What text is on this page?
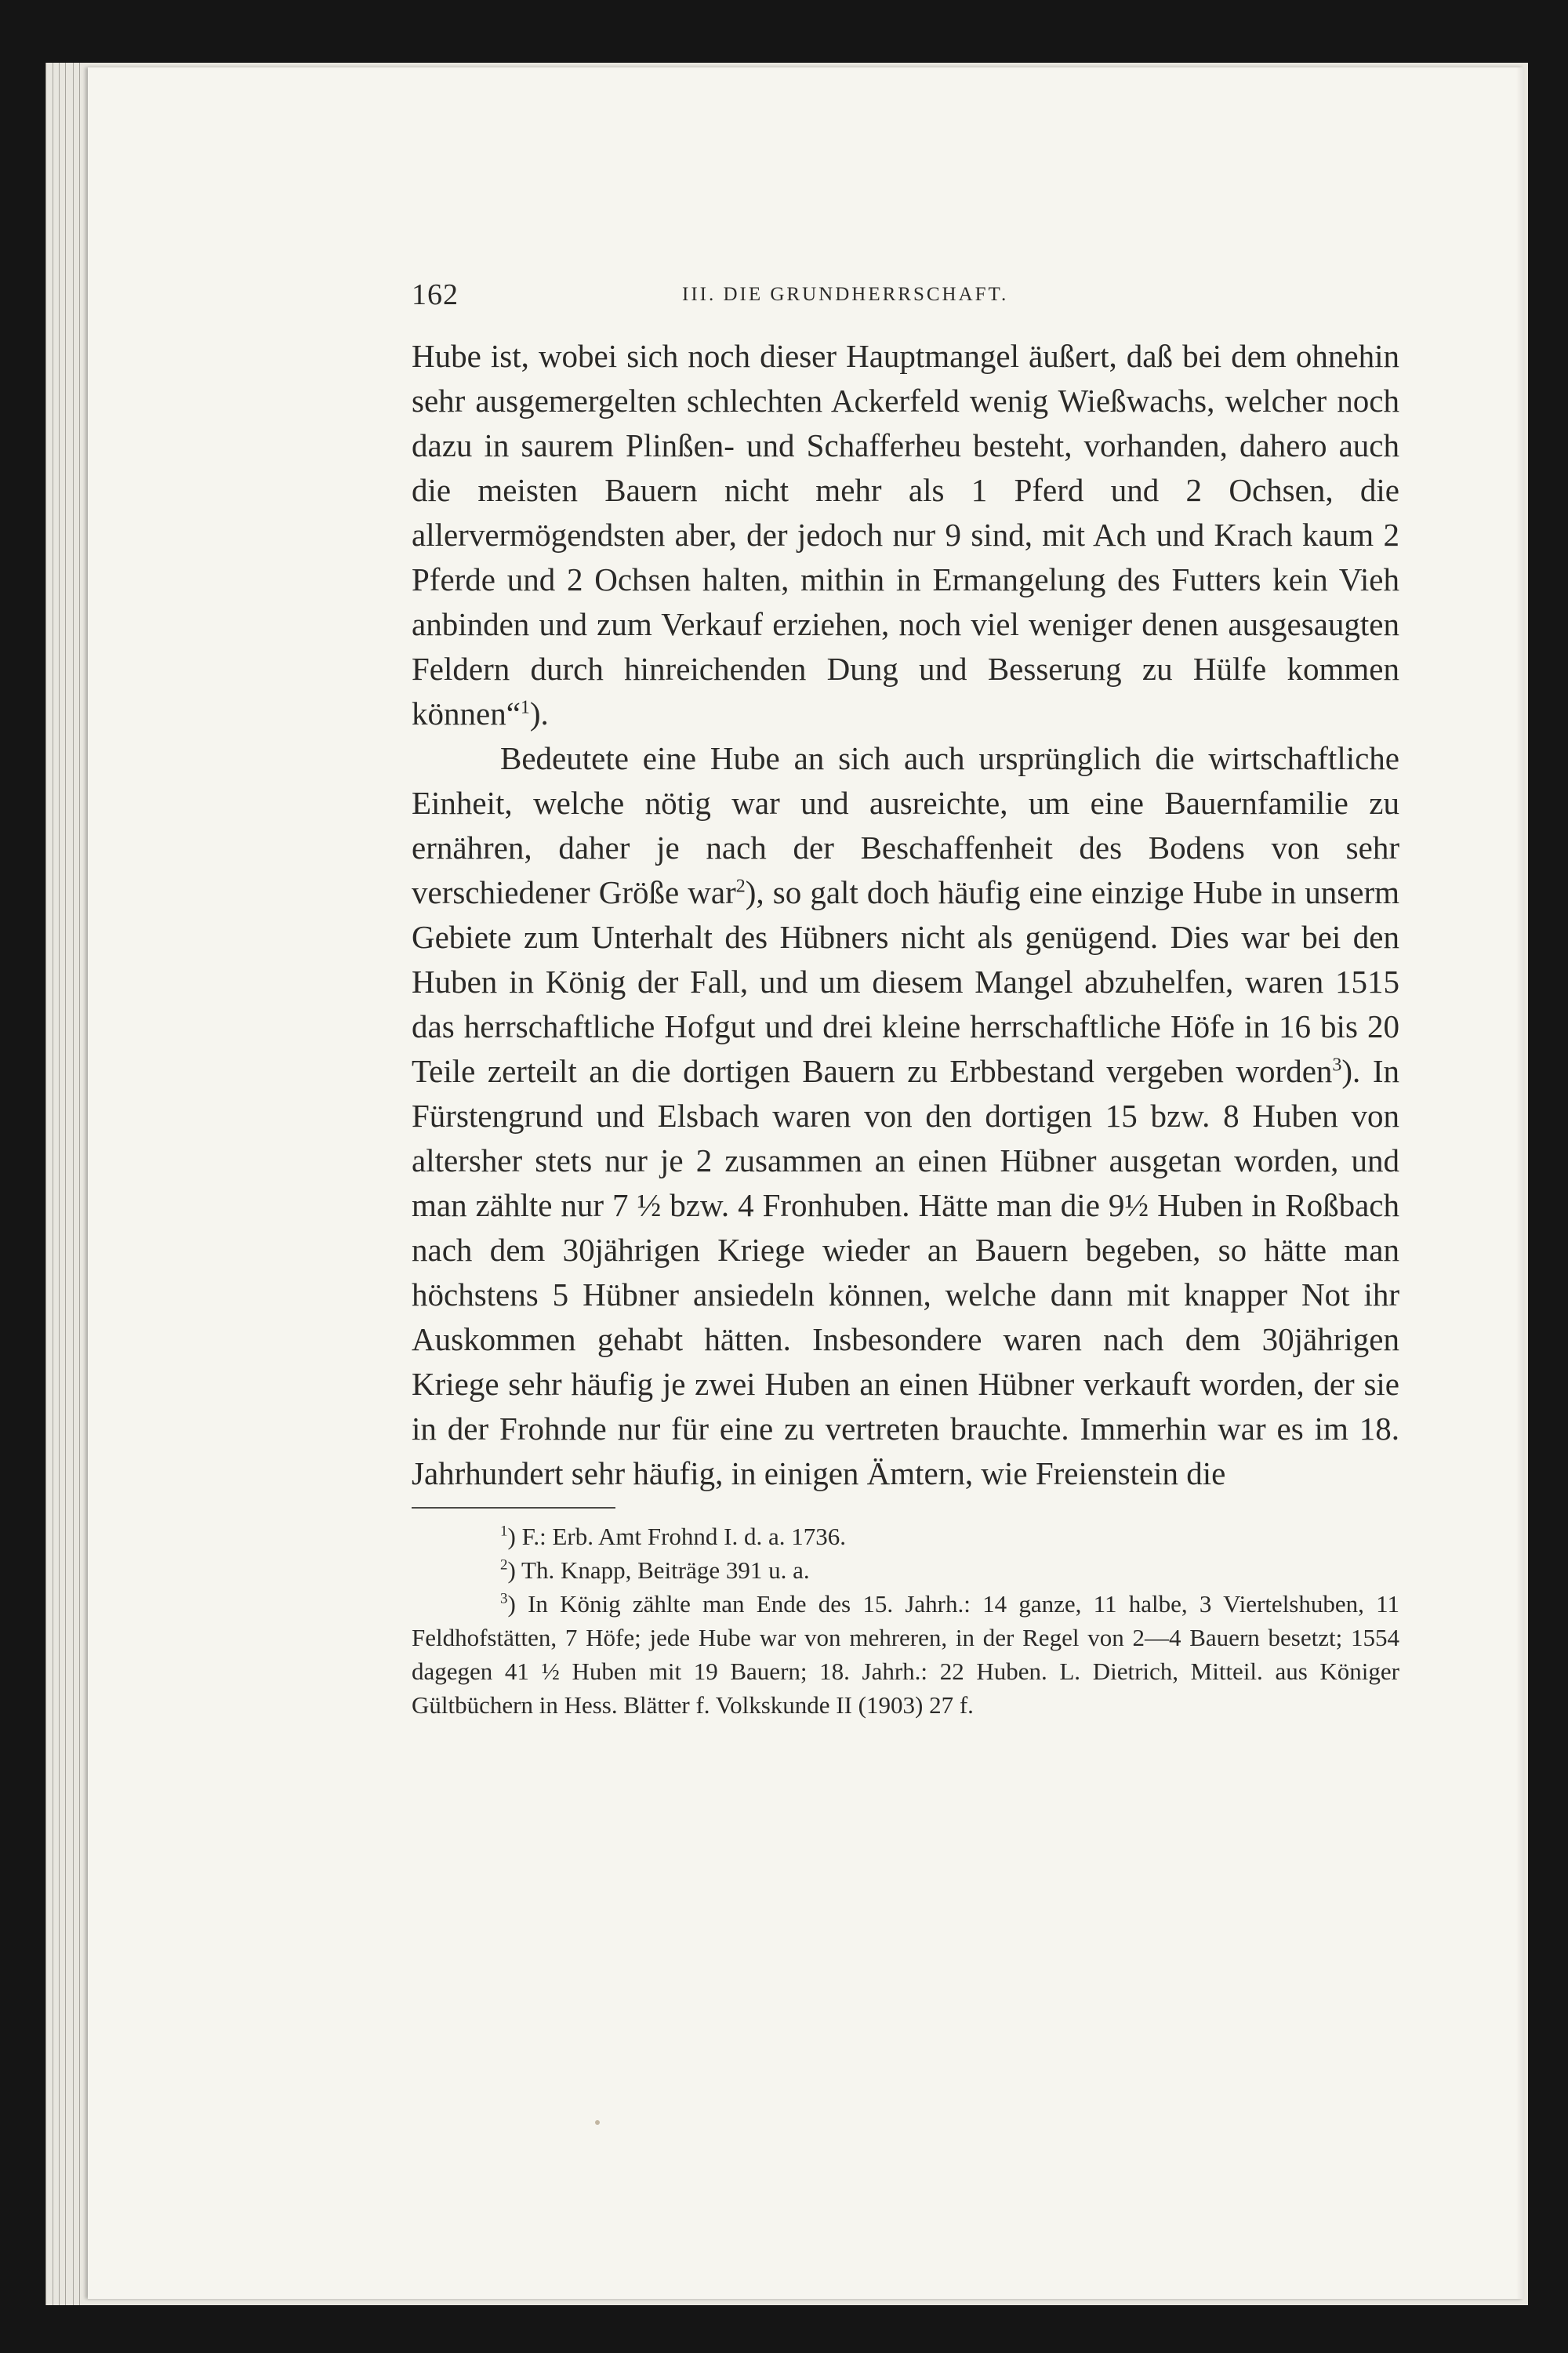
162	III. DIE GRUNDHERRSCHAFT.

Hube ist, wobei sich noch dieser Hauptmangel äußert, daß bei dem ohnehin sehr ausgemergelten schlechten Ackerfeld wenig Wießwachs, welcher noch dazu in saurem Plinßen- und Schafferheu besteht, vorhanden, dahero auch die meisten Bauern nicht mehr als 1 Pferd und 2 Ochsen, die allervermögendsten aber, der jedoch nur 9 sind, mit Ach und Krach kaum 2 Pferde und 2 Ochsen halten, mithin in Ermangelung des Futters kein Vieh anbinden und zum Verkauf erziehen, noch viel weniger denen ausgesaugten Feldern durch hinreichenden Dung und Besserung zu Hülfe kommen können“$^1$).

Bedeutete eine Hube an sich auch ursprünglich die wirtschaftliche Einheit, welche nötig war und ausreichte, um eine Bauernfamilie zu ernähren, daher je nach der Beschaffenheit des Bodens von sehr verschiedener Größe war$^2$), so galt doch häufig eine einzige Hube in unserm Gebiete zum Unterhalt des Hübners nicht als genügend. Dies war bei den Huben in König der Fall, und um diesem Mangel abzuhelfen, waren 1515 das herrschaftliche Hofgut und drei kleine herrschaftliche Höfe in 16 bis 20 Teile zerteilt an die dortigen Bauern zu Erbbestand vergeben worden$^3$). In Fürstengrund und Elsbach waren von den dortigen 15 bzw. 8 Huben von altersher stets nur je 2 zusammen an einen Hübner ausgetan worden, und man zählte nur 7 ½ bzw. 4 Fronhuben. Hätte man die 9½ Huben in Roßbach nach dem 30jährigen Kriege wieder an Bauern begeben, so hätte man höchstens 5 Hübner ansiedeln können, welche dann mit knapper Not ihr Auskommen gehabt hätten. Insbesondere waren nach dem 30jährigen Kriege sehr häufig je zwei Huben an einen Hübner verkauft worden, der sie in der Frohnde nur für eine zu vertreten brauchte. Immerhin war es im 18. Jahrhundert sehr häufig, in einigen Ämtern, wie Freienstein die

$^1$) F.: Erb. Amt Frohnd I. d. a. 1736.

$^2$) Th. Knapp, Beiträge 391 u. a.

$^3$) In König zählte man Ende des 15. Jahrh.: 14 ganze, 11 halbe, 3 Viertelshuben, 11 Feldhofstätten, 7 Höfe; jede Hube war von mehreren, in der Regel von 2—4 Bauern besetzt; 1554 dagegen 41 ½ Huben mit 19 Bauern; 18. Jahrh.: 22 Huben. L. Dietrich, Mitteil. aus Königer Gültbüchern in Hess. Blätter f. Volkskunde II (1903) 27 f.
